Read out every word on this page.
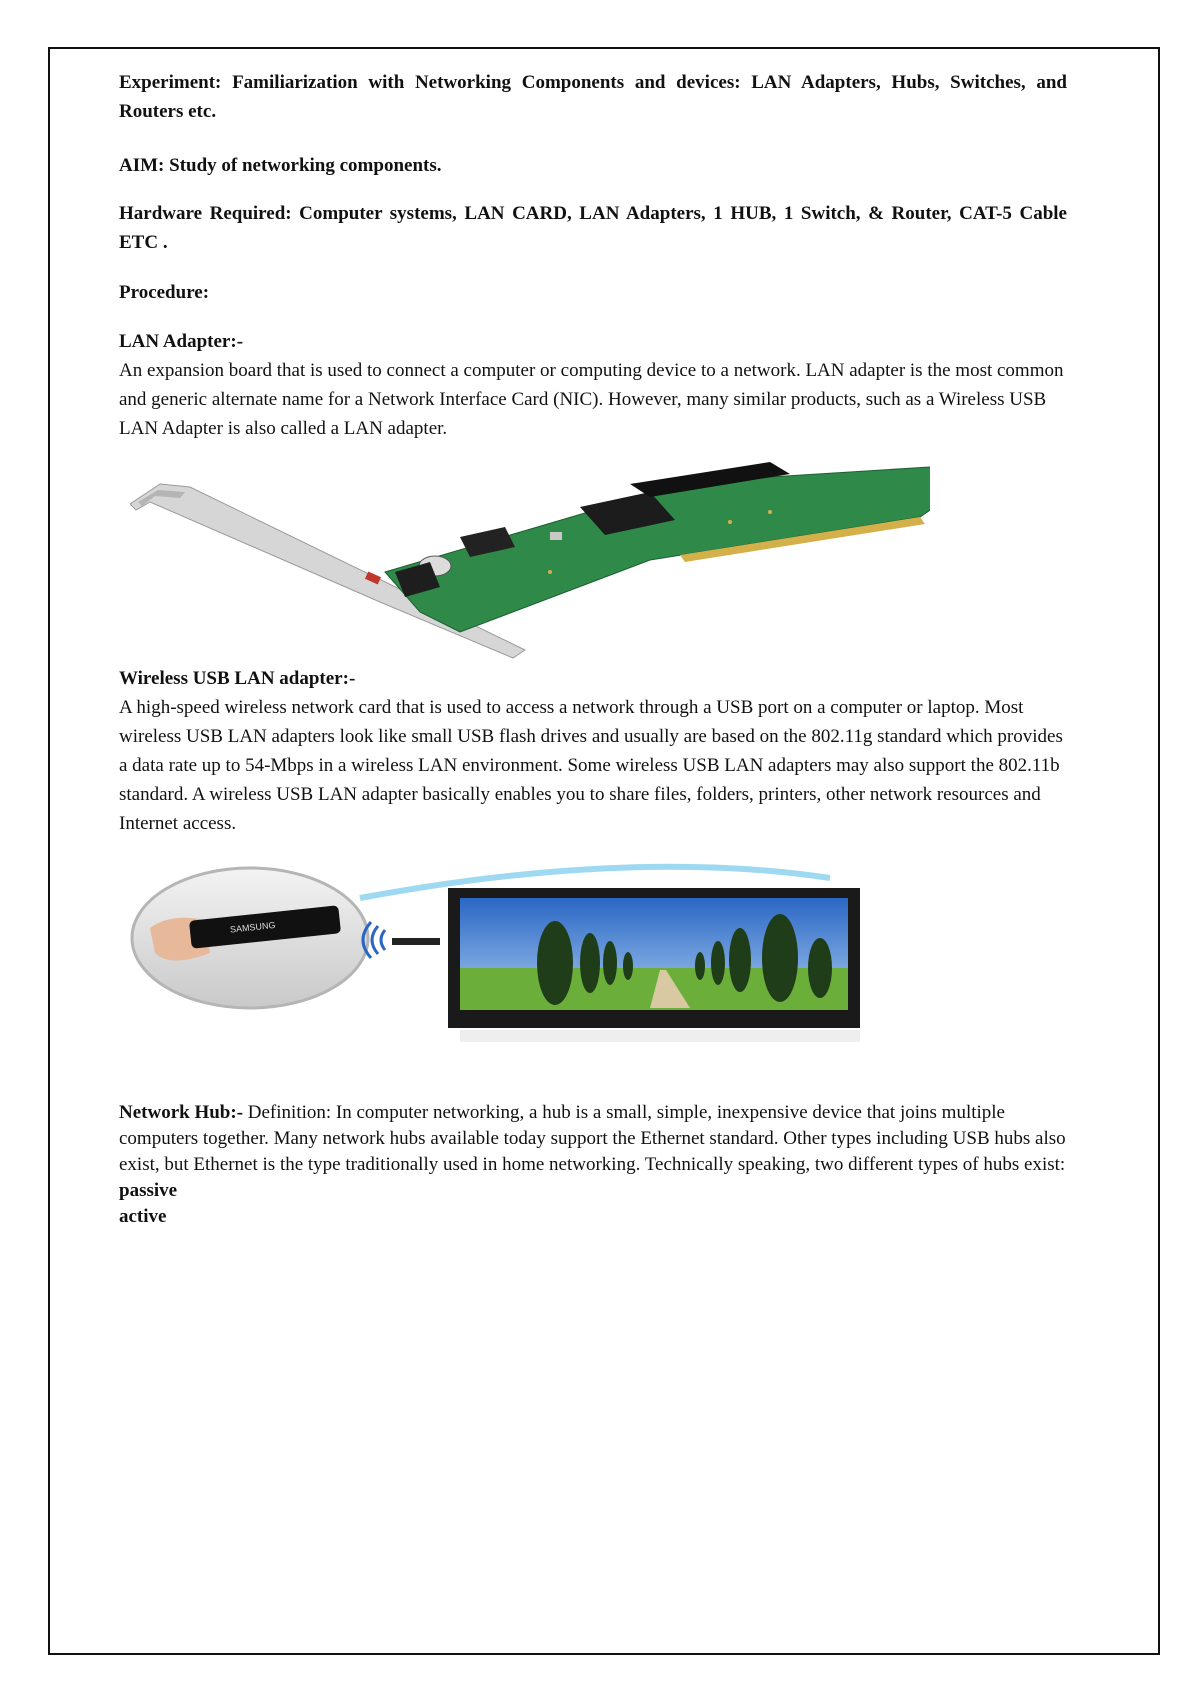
Experiment: Familiarization with Networking Components and devices: LAN Adapters, Hubs, Switches, and Routers etc.
AIM: Study of networking components.
Hardware Required: Computer systems, LAN CARD, LAN Adapters, 1 HUB, 1 Switch, & Router, CAT-5 Cable ETC .
Procedure:
LAN Adapter:-
An expansion board that is used to connect a computer or computing device to a network. LAN adapter is the most common and generic alternate name for a Network Interface Card (NIC). However, many similar products, such as a Wireless USB LAN Adapter is also called a LAN adapter.
Wireless USB LAN adapter:-
A high-speed wireless network card that is used to access a network through a USB port on a computer or laptop. Most wireless USB LAN adapters look like small USB flash drives and usually are based on the 802.11g standard which provides a data rate up to 54-Mbps in a wireless LAN environment. Some wireless USB LAN adapters may also support the 802.11b standard. A wireless USB LAN adapter basically enables you to share files, folders, printers, other network resources and Internet access.
SAMSUNG
Network Hub:- Definition: In computer networking, a hub is a small, simple, inexpensive device that joins multiple computers together. Many network hubs available today support the Ethernet standard. Other types including USB hubs also exist, but Ethernet is the type traditionally used in home networking. Technically speaking, two different types of hubs exist:
passive
active
